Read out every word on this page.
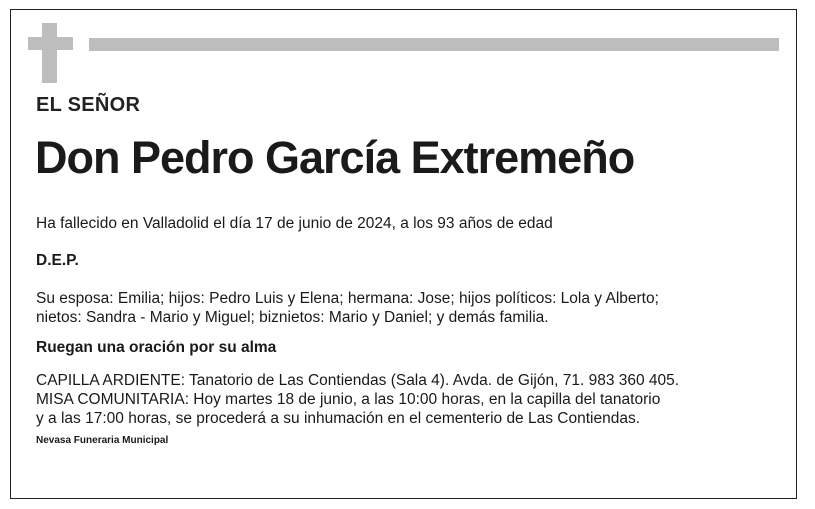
EL SEÑOR
Don Pedro García Extremeño
Ha fallecido en Valladolid el día 17 de junio de 2024, a los 93 años de edad
D.E.P.
Su esposa: Emilia; hijos: Pedro Luis y Elena; hermana: Jose; hijos políticos: Lola y Alberto;
nietos: Sandra - Mario y Miguel; biznietos: Mario y Daniel; y demás familia.
Ruegan una oración por su alma
CAPILLA ARDIENTE: Tanatorio de Las Contiendas (Sala 4). Avda. de Gijón, 71. 983 360 405.
MISA COMUNITARIA: Hoy martes 18 de junio, a las 10:00 horas, en la capilla del tanatorio
y a las 17:00 horas, se procederá a su inhumación en el cementerio de Las Contiendas.
Nevasa Funeraria Municipal
